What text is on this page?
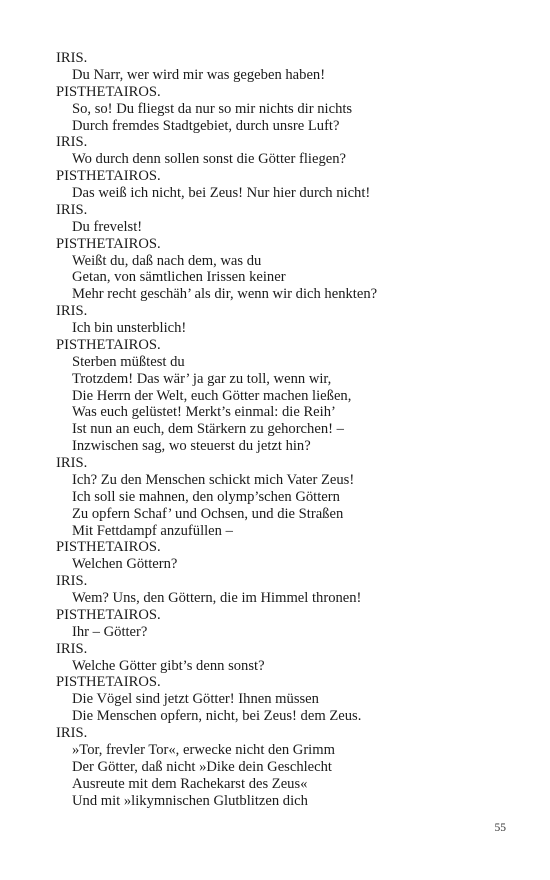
IRIS.
Du Narr, wer wird mir was gegeben haben!
PISTHETAIROS.
So, so! Du fliegst da nur so mir nichts dir nichts
Durch fremdes Stadtgebiet, durch unsre Luft?
IRIS.
Wo durch denn sollen sonst die Götter fliegen?
PISTHETAIROS.
Das weiß ich nicht, bei Zeus! Nur hier durch nicht!
IRIS.
Du frevelst!
PISTHETAIROS.
Weißt du, daß nach dem, was du
Getan, von sämtlichen Irissen keiner
Mehr recht geschäh’ als dir, wenn wir dich henkten?
IRIS.
Ich bin unsterblich!
PISTHETAIROS.
Sterben müßtest du
Trotzdem! Das wär’ ja gar zu toll, wenn wir,
Die Herrn der Welt, euch Götter machen ließen,
Was euch gelüstet! Merkt’s einmal: die Reih’
Ist nun an euch, dem Stärkern zu gehorchen! –
Inzwischen sag, wo steuerst du jetzt hin?
IRIS.
Ich? Zu den Menschen schickt mich Vater Zeus!
Ich soll sie mahnen, den olymp’schen Göttern
Zu opfern Schaf’ und Ochsen, und die Straßen
Mit Fettdampf anzufüllen –
PISTHETAIROS.
Welchen Göttern?
IRIS.
Wem? Uns, den Göttern, die im Himmel thronen!
PISTHETAIROS.
Ihr – Götter?
IRIS.
Welche Götter gibt’s denn sonst?
PISTHETAIROS.
Die Vögel sind jetzt Götter! Ihnen müssen
Die Menschen opfern, nicht, bei Zeus! dem Zeus.
IRIS.
»Tor, frevler Tor«, erwecke nicht den Grimm
Der Götter, daß nicht »Dike dein Geschlecht
Ausreute mit dem Rachekarst des Zeus«
Und mit »likymnischen Glutblitzen dich
55
